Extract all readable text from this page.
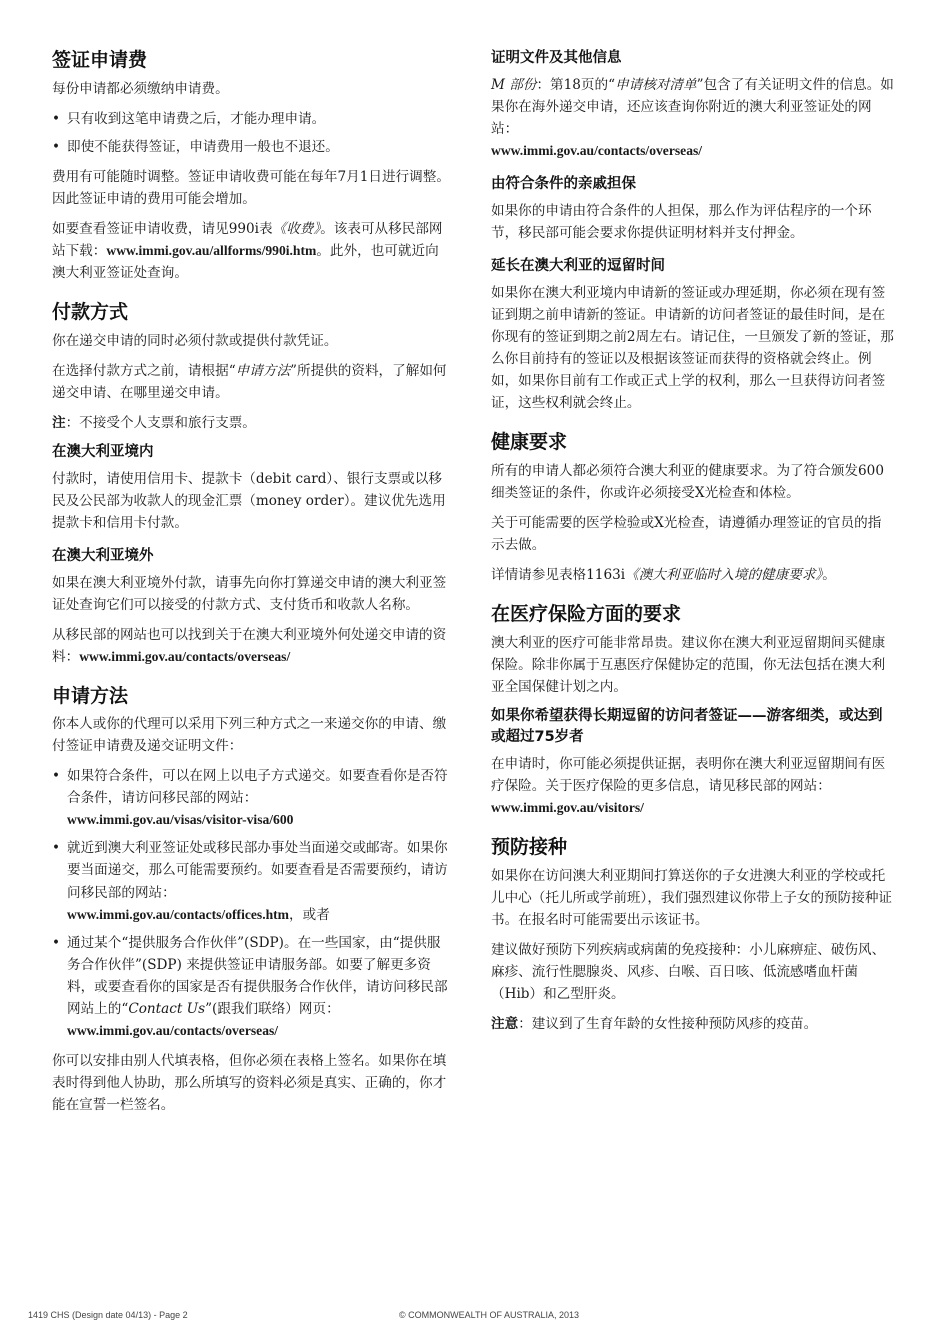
签证申请费

每份申请都必须缴纳申请费。

• 只有收到这笔申请费之后，才能办理申请。
• 即使不能获得签证，申请费用一般也不退还。

费用有可能随时调整。签证申请收费可能在每年7月1日进行调整。因此签证申请的费用可能会增加。

如要查看签证申请收费，请见990i表《收费》。该表可从移民部网站下载：www.immi.gov.au/allforms/990i.htm。此外，也可就近向澳大利亚签证处查询。

付款方式

你在递交申请的同时必须付款或提供付款凭证。

在选择付款方式之前，请根据“申请方法”所提供的资料，了解如何递交申请、在哪里递交申请。

注：不接受个人支票和旅行支票。

在澳大利亚境内

付款时，请使用信用卡、提款卡（debit card）、银行支票或以移民及公民部为收款人的现金汇票（money order）。建议优先选用提款卡和信用卡付款。

在澳大利亚境外

如果在澳大利亚境外付款，请事先向你打算递交申请的澳大利亚签证处查询它们可以接受的付款方式、支付货币和收款人名称。

从移民部的网站也可以找到关于在澳大利亚境外何处递交申请的资料：www.immi.gov.au/contacts/overseas/

申请方法

你本人或你的代理可以采用下列三种方式之一来递交你的申请、缴付签证申请费及递交证明文件：

• 如果符合条件，可以在网上以电子方式递交。如要查看你是否符合条件，请访问移民部的网站：
www.immi.gov.au/visas/visitor-visa/600
• 就近到澳大利亚签证处或移民部办事处当面递交或邮寄。如果你要当面递交，那么可能需要预约。如要查看是否需要预约，请访问移民部的网站：
www.immi.gov.au/contacts/offices.htm，或者
• 通过某个“提供服务合作伙伴”(SDP)。在一些国家，由“提供服务合作伙伴”(SDP) 来提供签证申请服务部。如要了解更多资料，或要查看你的国家是否有提供服务合作伙伴，请访问移民部网站上的“Contact Us”(跟我们联络）网页：
www.immi.gov.au/contacts/overseas/

你可以安排由别人代填表格，但你必须在表格上签名。如果你在填表时得到他人协助，那么所填写的资料必须是真实、正确的，你才能在宣誓一栏签名。

证明文件及其他信息

M 部份：第18页的“申请核对清单”包含了有关证明文件的信息。如果你在海外递交申请，还应该查询你附近的澳大利亚签证处的网站：
www.immi.gov.au/contacts/overseas/

由符合条件的亲戚担保

如果你的申请由符合条件的人担保，那么作为评估程序的一个环节，移民部可能会要求你提供证明材料并支付押金。

延长在澳大利亚的逗留时间

如果你在澳大利亚境内申请新的签证或办理延期，你必须在现有签证到期之前申请新的签证。申请新的访问者签证的最佳时间，是在你现有的签证到期之前2周左右。请记住，一旦颁发了新的签证，那么你目前持有的签证以及根据该签证而获得的资格就会终止。例如，如果你目前有工作或正式上学的权利，那么一旦获得访问者签证，这些权利就会终止。

健康要求

所有的申请人都必须符合澳大利亚的健康要求。为了符合颁发600细类签证的条件，你或许必须接受X光检查和体检。

关于可能需要的医学检验或X光检查，请遵循办理签证的官员的指示去做。

详情请参见表格1163i《澳大利亚临时入境的健康要求》。

在医疗保险方面的要求

澳大利亚的医疗可能非常昂贵。建议你在澳大利亚逗留期间买健康保险。除非你属于互惠医疗保健协定的范围，你无法包括在澳大利亚全国保健计划之内。

如果你希望获得长期逗留的访问者签证——游客细类，或达到或超过75岁者

在申请时，你可能必须提供证据，表明你在澳大利亚逗留期间有医疗保险。关于医疗保险的更多信息，请见移民部的网站：www.immi.gov.au/visitors/

预防接种

如果你在访问澳大利亚期间打算送你的子女进澳大利亚的学校或托儿中心（托儿所或学前班），我们强烈建议你带上子女的预防接种证书。在报名时可能需要出示该证书。

建议做好预防下列疾病或病菌的免疫接种：小儿麻痹症、破伤风、麻疹、流行性腮腺炎、风疹、白喉、百日咳、低流感嗜血杆菌（Hib）和乙型肝炎。

注意：建议到了生育年龄的女性接种预防风疹的疫苗。

1419 CHS (Design date 04/13) - Page 2	© COMMONWEALTH OF AUSTRALIA, 2013
